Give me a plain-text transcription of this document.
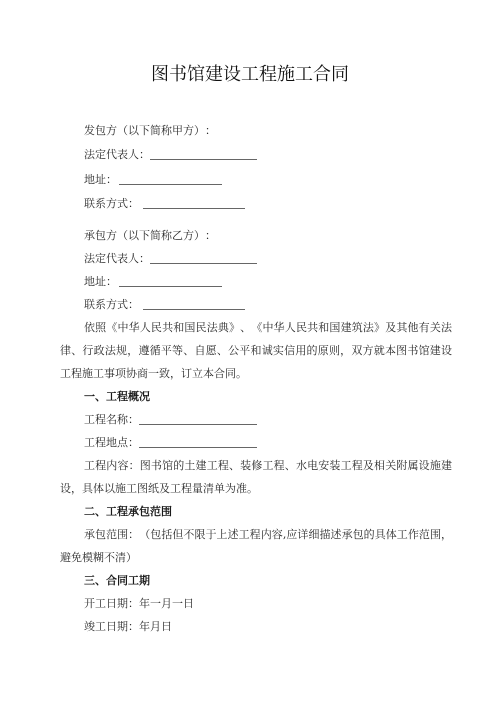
图书馆建设工程施工合同
发包方（以下简称甲方）：
法定代表人：
地址：
联系方式：
承包方（以下简称乙方）：
法定代表人：
地址：
联系方式：
依照《中华人民共和国民法典》、《中华人民共和国建筑法》及其他有关法律、行政法规，遵循平等、自愿、公平和诚实信用的原则，双方就本图书馆建设工程施工事项协商一致，订立本合同。
一、工程概况
工程名称：
工程地点：
工程内容：图书馆的土建工程、装修工程、水电安装工程及相关附属设施建设，具体以施工图纸及工程量清单为准。
二、工程承包范围
承包范围：（包括但不限于上述工程内容,应详细描述承包的具体工作范围，避免模糊不清）
三、合同工期
开工日期：年一月一日
竣工日期：年月日
